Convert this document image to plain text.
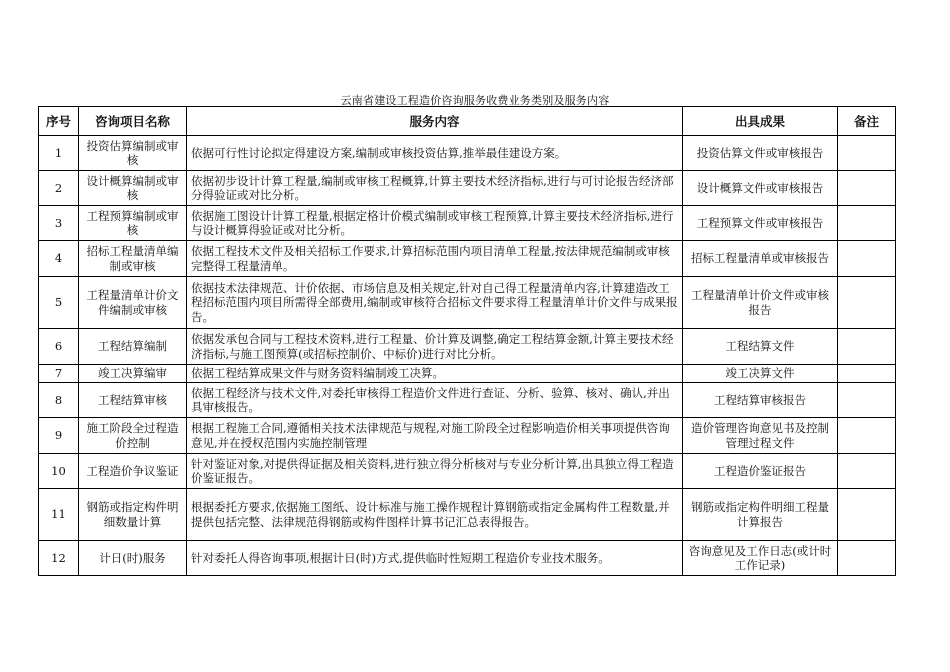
云南省建设工程造价咨询服务收费业务类别及服务内容
序号	咨询项目名称	服务内容	出具成果	备注
1	投资估算编制或审核	依据可行性讨论拟定得建设方案,编制或审核投资估算,推举最佳建设方案。	投资估算文件或审核报告	
2	设计概算编制或审核	依据初步设计计算工程量,编制或审核工程概算,计算主要技术经济指标,进行与可讨论报告经济部分得验证或对比分析。	设计概算文件或审核报告	
3	工程预算编制或审核	依据施工图设计计算工程量,根据定格计价模式编制或审核工程预算,计算主要技术经济指标,进行与设计概算得验证或对比分析。	工程预算文件或审核报告	
4	招标工程量清单编制或审核	依据工程技术文件及相关招标工作要求,计算招标范围内项目清单工程量,按法律规范编制或审核完整得工程量清单。	招标工程量清单或审核报告	
5	工程量清单计价文件编制或审核	依据技术法律规范、计价依据、市场信息及相关规定,针对自己得工程量清单内容,计算建造改工程招标范围内项目所需得全部费用,编制或审核符合招标文件要求得工程量清单计价文件与成果报告。	工程量清单计价文件或审核报告	
6	工程结算编制	依据发承包合同与工程技术资料,进行工程量、价计算及调整,确定工程结算金额,计算主要技术经济指标,与施工图预算(或招标控制价、中标价)进行对比分析。	工程结算文件	
7	竣工决算编审	依据工程结算成果文件与财务资料编制竣工决算。	竣工决算文件	
8	工程结算审核	依据工程经济与技术文件,对委托审核得工程造价文件进行查证、分析、验算、核对、确认,并出具审核报告。	工程结算审核报告	
9	施工阶段全过程造价控制	根据工程施工合同,遵循相关技术法律规范与规程,对施工阶段全过程影响造价相关事项提供咨询意见,并在授权范围内实施控制管理	造价管理咨询意见书及控制管理过程文件	
10	工程造价争议鉴证	针对鉴证对象,对提供得证据及相关资料,进行独立得分析核对与专业分析计算,出具独立得工程造价鉴证报告。	工程造价鉴证报告	
11	钢筋或指定构件明细数量计算	根据委托方要求,依据施工图纸、设计标准与施工操作规程计算钢筋或指定金属构件工程数量,并提供包括完整、法律规范得钢筋或构件图样计算书记汇总表得报告。	钢筋或指定构件明细工程量计算报告	
12	计日(时)服务	针对委托人得咨询事项,根据计日(时)方式,提供临时性短期工程造价专业技术服务。	咨询意见及工作日志(或计时工作记录)	
